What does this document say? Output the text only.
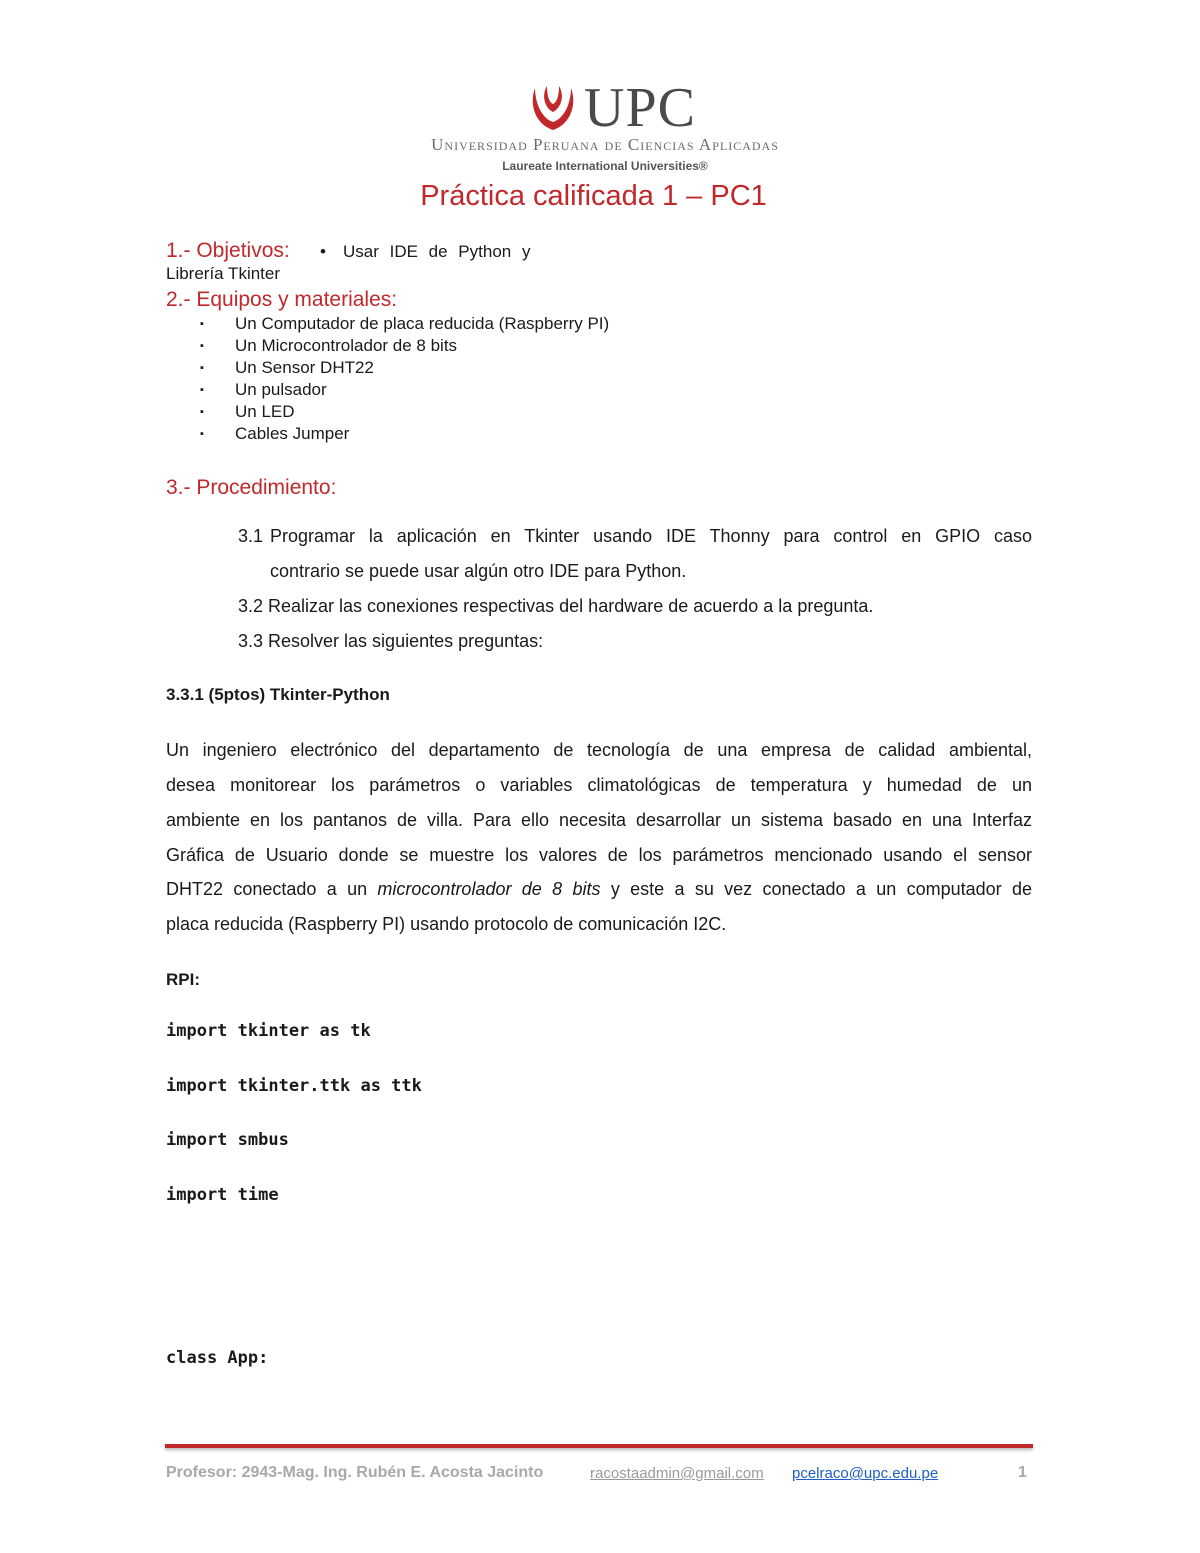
UPC
Universidad Peruana de Ciencias Aplicadas
Laureate International Universities®
Práctica calificada 1 – PC1
1.- Objetivos: • Usar IDE de Python y
Librería Tkinter
2.- Equipos y materiales:
▪ Un Computador de placa reducida (Raspberry PI)
▪ Un Microcontrolador de 8 bits
▪ Un Sensor DHT22
▪ Un pulsador
▪ Un LED
▪ Cables Jumper
3.- Procedimiento:
3.1 Programar la aplicación en Tkinter usando IDE Thonny para control en GPIO caso
contrario se puede usar algún otro IDE para Python.
3.2 Realizar las conexiones respectivas del hardware de acuerdo a la pregunta.
3.3 Resolver las siguientes preguntas:
3.3.1 (5ptos) Tkinter-Python
Un ingeniero electrónico del departamento de tecnología de una empresa de calidad ambiental,
desea monitorear los parámetros o variables climatológicas de temperatura y humedad de un
ambiente en los pantanos de villa. Para ello necesita desarrollar un sistema basado en una Interfaz
Gráfica de Usuario donde se muestre los valores de los parámetros mencionado usando el sensor
DHT22 conectado a un microcontrolador de 8 bits y este a su vez conectado a un computador de
placa reducida (Raspberry PI) usando protocolo de comunicación I2C.
RPI:
import tkinter as tk
import tkinter.ttk as ttk
import smbus
import time
class App:
Profesor: 2943-Mag. Ing. Rubén E. Acosta Jacinto	racostaadmin@gmail.com pcelraco@upc.edu.pe	1
